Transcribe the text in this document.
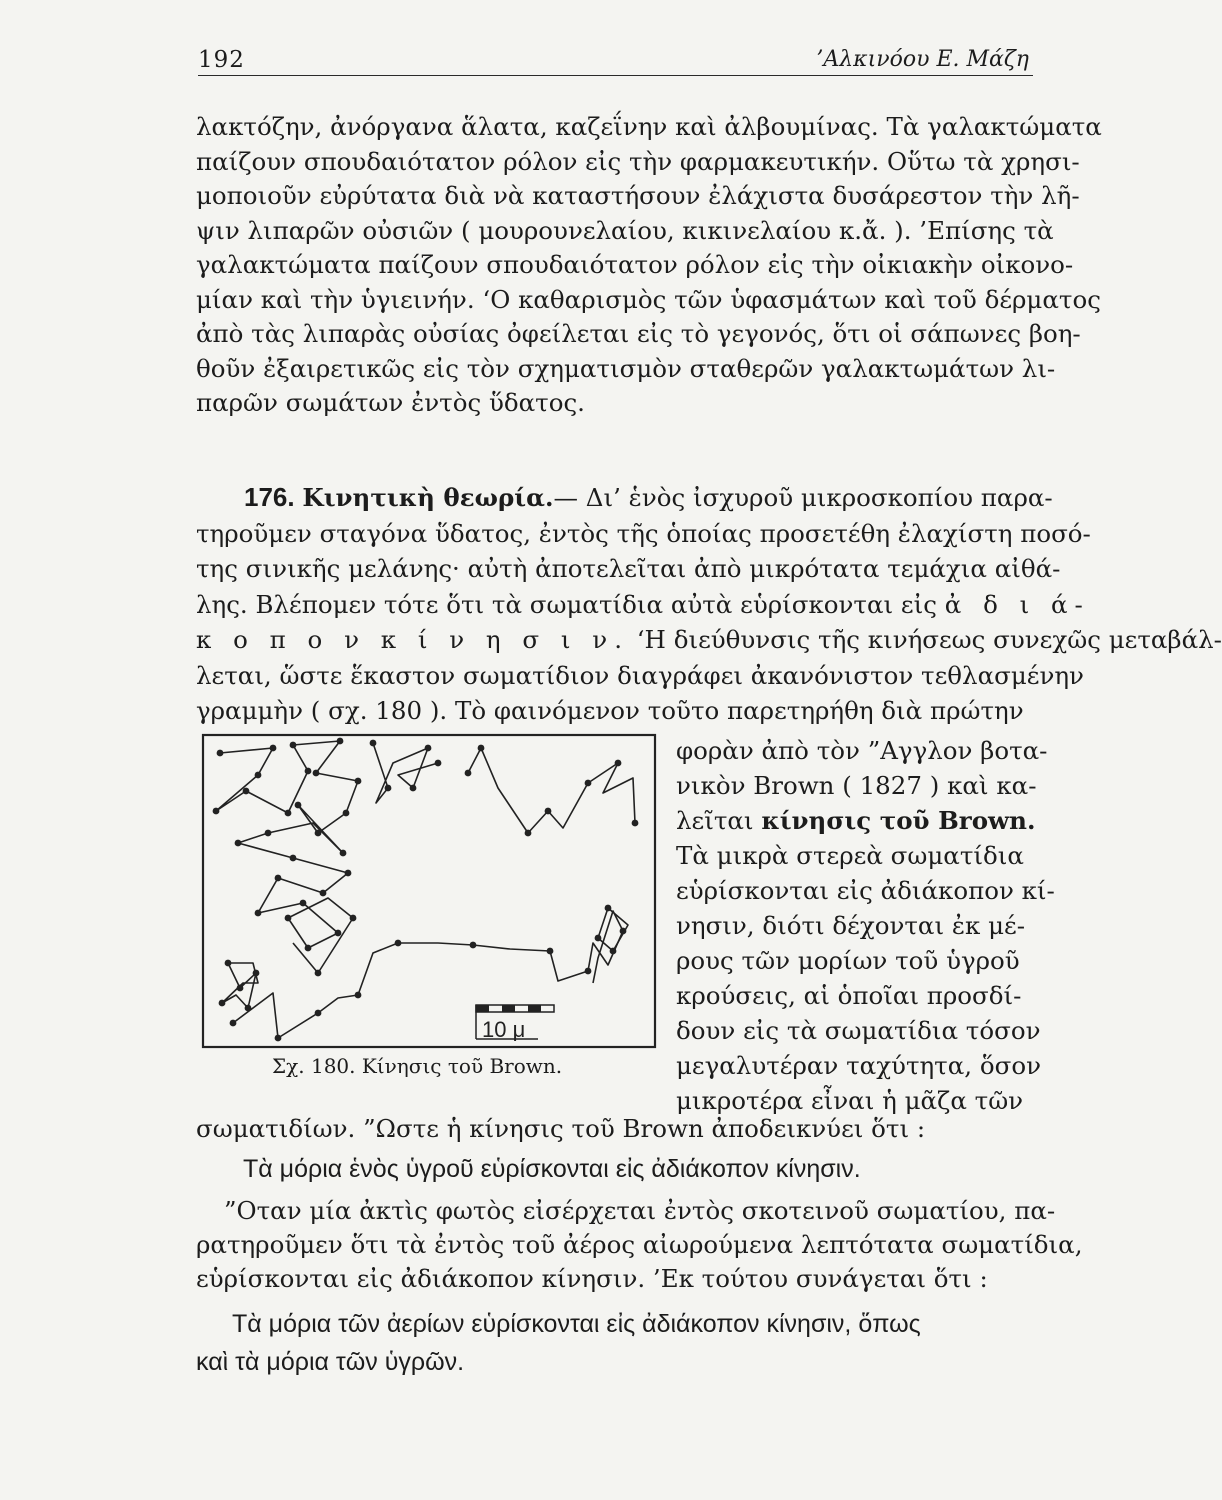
192	’Αλκινόου Ε. Μάζη

λακτόζην, ἀνόργανα ἅλατα, καζεΐνην καὶ ἀλβουμίνας. Τὰ γαλακτώματα
παίζουν σπουδαιότατον ρόλον εἰς τὴν φαρμακευτικήν. Οὕτω τὰ χρησι-
μοποιοῦν εὐρύτατα διὰ νὰ καταστήσουν ἐλάχιστα δυσάρεστον τὴν λῆ-
ψιν λιπαρῶν οὐσιῶν ( μουρουνελαίου, κικινελαίου κ.ἄ. ). ’Επίσης τὰ
γαλακτώματα παίζουν σπουδαιότατον ρόλον εἰς τὴν οἰκιακὴν οἰκονο-
μίαν καὶ τὴν ὑγιεινήν. ‘Ο καθαρισμὸς τῶν ὑφασμάτων καὶ τοῦ δέρματος
ἀπὸ τὰς λιπαρὰς οὐσίας ὀφείλεται εἰς τὸ γεγονός, ὅτι οἱ σάπωνες βοη-
θοῦν ἐξαιρετικῶς εἰς τὸν σχηματισμὸν σταθερῶν γαλακτωμάτων λι-
παρῶν σωμάτων ἐντὸς ὕδατος.

176. Κινητικὴ θεωρία.— Δι’ ἑνὸς ἰσχυροῦ μικροσκοπίου παρα-
τηροῦμεν σταγόνα ὕδατος, ἐντὸς τῆς ὁποίας προσετέθη ἐλαχίστη ποσό-
της σινικῆς μελάνης· αὐτὴ ἀποτελεῖται ἀπὸ μικρότατα τεμάχια αἰθά-
λης. Βλέπομεν τότε ὅτι τὰ σωματίδια αὐτὰ εὑρίσκονται εἰς ἀ δ ι ά-
κ ο π ο ν κ ί ν η σ ι ν. ‘Η διεύθυνσις τῆς κινήσεως συνεχῶς μεταβάλ-
λεται, ὥστε ἕκαστον σωματίδιον διαγράφει ἀκανόνιστον τεθλασμένην
γραμμὴν ( σχ. 180 ). Τὸ φαινόμενον τοῦτο παρετηρήθη διὰ πρώτην
10 μ
Σχ. 180. Κίνησις τοῦ Brown.
φορὰν ἀπὸ τὸν ”Αγγλον βοτα-
νικὸν Brown ( 1827 ) καὶ κα-
λεῖται κίνησις τοῦ Brown.
Τὰ μικρὰ στερεὰ σωματίδια
εὑρίσκονται εἰς ἀδιάκοπον κί-
νησιν, διότι δέχονται ἐκ μέ-
ρους τῶν μορίων τοῦ ὑγροῦ
κρούσεις, αἱ ὁποῖαι προσδί-
δουν εἰς τὰ σωματίδια τόσον
μεγαλυτέραν ταχύτητα, ὅσον
μικροτέρα εἶναι ἡ μᾶζα τῶν
σωματιδίων. ”Ωστε ἡ κίνησις τοῦ Brown ἀποδεικνύει ὅτι :
Τὰ μόρια ἑνὸς ὑγροῦ εὑρίσκονται εἰς ἀδιάκοπον κίνησιν.
”Οταν μία ἀκτὶς φωτὸς εἰσέρχεται ἐντὸς σκοτεινοῦ σωματίου, πα-
ρατηροῦμεν ὅτι τὰ ἐντὸς τοῦ ἀέρος αἰωρούμενα λεπτότατα σωματίδια,
εὑρίσκονται εἰς ἀδιάκοπον κίνησιν. ’Εκ τούτου συνάγεται ὅτι :
Τὰ μόρια τῶν ἀερίων εὑρίσκονται εἰς ἀδιάκοπον κίνησιν, ὅπως
καὶ τὰ μόρια τῶν ὑγρῶν.
